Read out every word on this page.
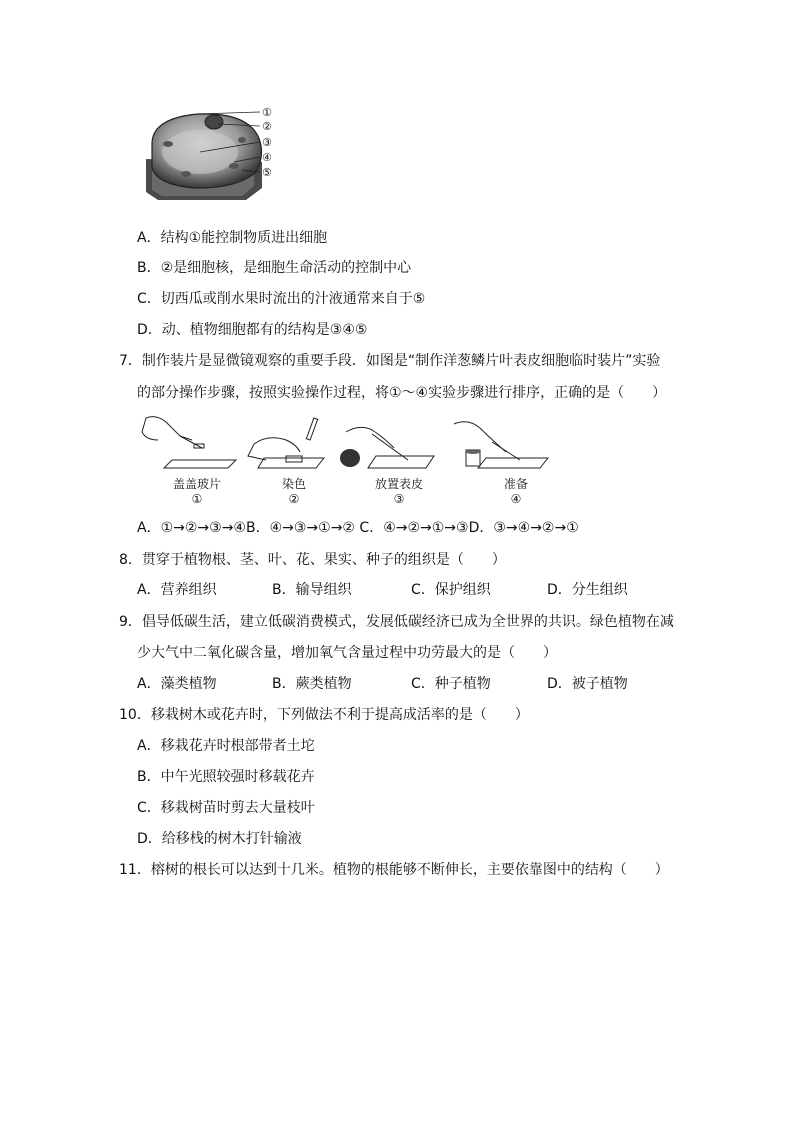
①
②
③
④
⑤
A．结构①能控制物质进出细胞
B．②是细胞核，是细胞生命活动的控制中心
C．切西瓜或削水果时流出的汁液通常来自于⑤
D．动、植物细胞都有的结构是③④⑤
7．制作装片是显微镜观察的重要手段．如图是“制作洋葱鳞片叶表皮细胞临时装片”实验
的部分操作步骤，按照实验操作过程，将①～④实验步骤进行排序，正确的是（　　）
盖盖玻片
①
染色
②
放置表皮
③
准备
④
A．①→②→③→④B．④→③→①→② C．④→②→①→③D．③→④→②→①
8．贯穿于植物根、茎、叶、花、果实、种子的组织是（　　）
A．营养组织	B．输导组织	C．保护组织	D．分生组织
9．倡导低碳生活，建立低碳消费模式，发展低碳经济已成为全世界的共识。绿色植物在减
少大气中二氧化碳含量，增加氧气含量过程中功劳最大的是（　　）
A．藻类植物	B．蕨类植物	C．种子植物	D．被子植物
10．移栽树木或花卉时，下列做法不利于提高成活率的是（　　）
A．移栽花卉时根部带者土坨
B．中午光照较强时移载花卉
C．移栽树苗时剪去大量枝叶
D．给移栈的树木打针输液
11．榕树的根长可以达到十几米。植物的根能够不断伸长，主要依靠图中的结构（　　）
